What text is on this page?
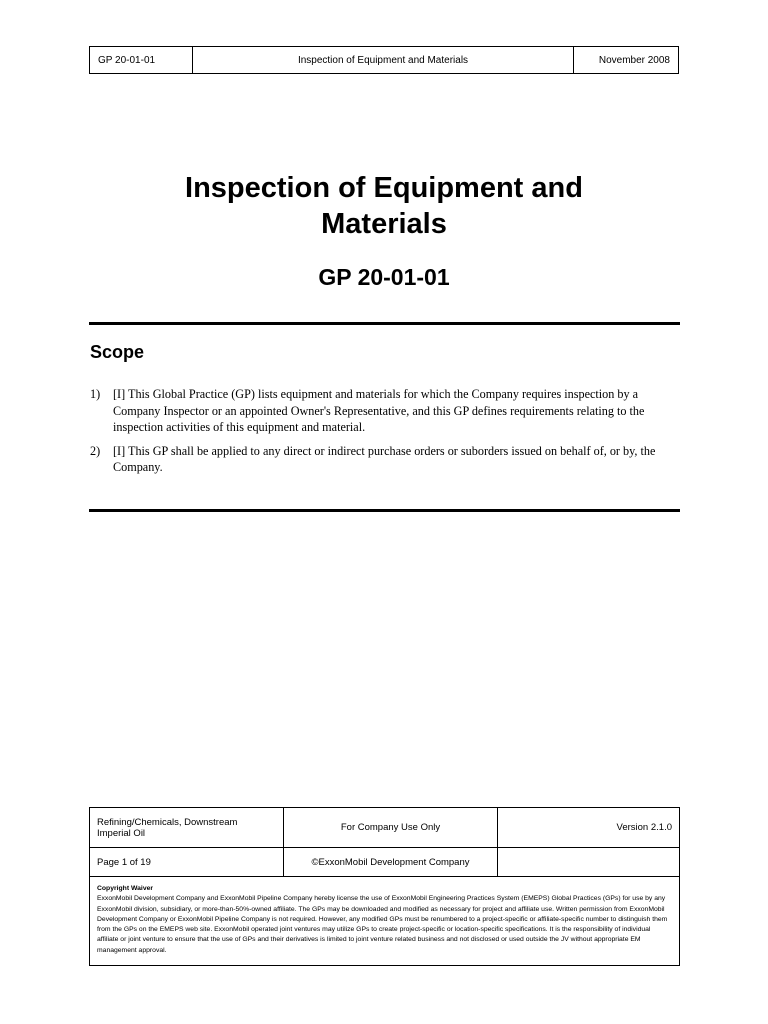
GP 20-01-01	Inspection of Equipment and Materials	November 2008
Inspection of Equipment and
Materials
GP 20-01-01
Scope
1)	[I] This Global Practice (GP) lists equipment and materials for which the Company requires inspection by a Company Inspector or an appointed Owner's Representative, and this GP defines requirements relating to the inspection activities of this equipment and material.
2)	[I] This GP shall be applied to any direct or indirect purchase orders or suborders issued on behalf of, or by, the Company.
Refining/Chemicals, Downstream
Imperial Oil	For Company Use Only	Version 2.1.0
Page 1 of 19	©ExxonMobil Development Company
Copyright Waiver
ExxonMobil Development Company and ExxonMobil Pipeline Company hereby license the use of ExxonMobil Engineering Practices System (EMEPS) Global Practices (GPs) for use by any ExxonMobil division, subsidiary, or more-than-50%-owned affiliate. The GPs may be downloaded and modified as necessary for project and affiliate use. Written permission from ExxonMobil Development Company or ExxonMobil Pipeline Company is not required. However, any modified GPs must be renumbered to a project-specific or affiliate-specific number to distinguish them from the GPs on the EMEPS web site. ExxonMobil operated joint ventures may utilize GPs to create project-specific or location-specific specifications. It is the responsibility of individual affiliate or joint venture to ensure that the use of GPs and their derivatives is limited to joint venture related business and not disclosed or used outside the JV without appropriate EM management approval.
